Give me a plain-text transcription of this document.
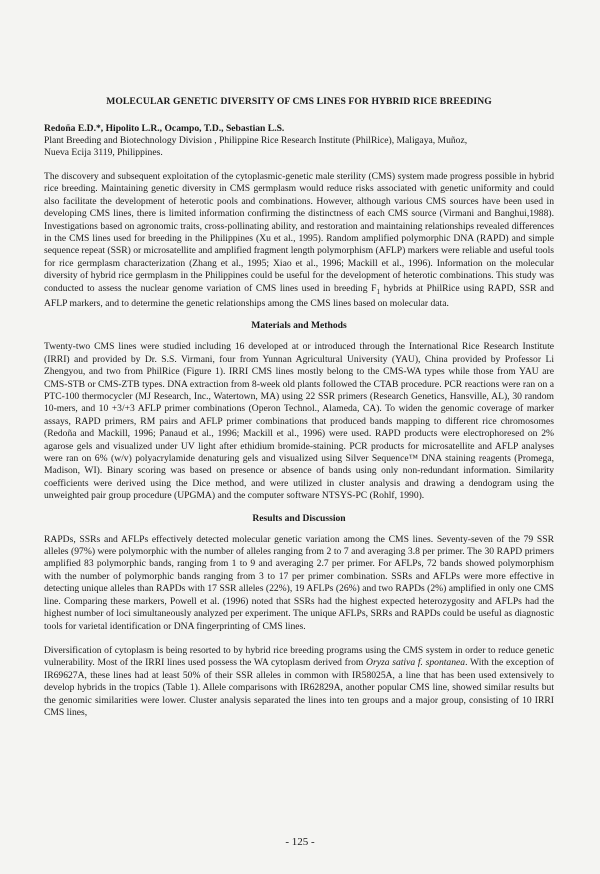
MOLECULAR GENETIC DIVERSITY OF CMS LINES FOR HYBRID RICE BREEDING

Redoña E.D.*, Hipolito L.R., Ocampo, T.D., Sebastian L.S.

Plant Breeding and Biotechnology Division , Philippine Rice Research Institute (PhilRice), Maligaya, Muñoz,

Nueva Ecija 3119, Philippines.

The discovery and subsequent exploitation of the cytoplasmic-genetic male sterility (CMS) system made progress possible in hybrid rice breeding. Maintaining genetic diversity in CMS germplasm would reduce risks associated with genetic uniformity and could also facilitate the development of heterotic pools and combinations. However, although various CMS sources have been used in developing CMS lines, there is limited information confirming the distinctness of each CMS source (Virmani and Banghui,1988). Investigations based on agronomic traits, cross-pollinating ability, and restoration and maintaining relationships revealed differences in the CMS lines used for breeding in the Philippines (Xu et al., 1995). Random amplified polymorphic DNA (RAPD) and simple sequence repeat (SSR) or microsatellite and amplified fragment length polymorphism (AFLP) markers were reliable and useful tools for rice germplasm characterization (Zhang et al., 1995; Xiao et al., 1996; Mackill et al., 1996). Information on the molecular diversity of hybrid rice germplasm in the Philippines could be useful for the development of heterotic combinations. This study was conducted to assess the nuclear genome variation of CMS lines used in breeding $F_1$ hybrids at PhilRice using RAPD, SSR and AFLP markers, and to determine the genetic relationships among the CMS lines based on molecular data.

Materials and Methods

Twenty-two CMS lines were studied including 16 developed at or introduced through the International Rice Research Institute (IRRI) and provided by Dr. S.S. Virmani, four from Yunnan Agricultural University (YAU), China provided by Professor Li Zhengyou, and two from PhilRice (Figure 1). IRRI CMS lines mostly belong to the CMS-WA types while those from YAU are CMS-STB or CMS-ZTB types. DNA extraction from 8-week old plants followed the CTAB procedure. PCR reactions were ran on a PTC-100 thermocycler (MJ Research, Inc., Watertown, MA) using 22 SSR primers (Research Genetics, Hansville, AL), 30 random 10-mers, and 10 +3/+3 AFLP primer combinations (Operon Technol., Alameda, CA). To widen the genomic coverage of marker assays, RAPD primers, RM pairs and AFLP primer combinations that produced bands mapping to different rice chromosomes (Redoña and Mackill, 1996; Panaud et al., 1996; Mackill et al., 1996) were used. RAPD products were electrophoresed on 2% agarose gels and visualized under UV light after ethidium bromide-staining. PCR products for microsatellite and AFLP analyses were ran on 6% (w/v) polyacrylamide denaturing gels and visualized using Silver Sequence™ DNA staining reagents (Promega, Madison, WI). Binary scoring was based on presence or absence of bands using only non-redundant information. Similarity coefficients were derived using the Dice method, and were utilized in cluster analysis and drawing a dendogram using the unweighted pair group procedure (UPGMA) and the computer software NTSYS-PC (Rohlf, 1990).

Results and Discussion

RAPDs, SSRs and AFLPs effectively detected molecular genetic variation among the CMS lines. Seventy-seven of the 79 SSR alleles (97%) were polymorphic with the number of alleles ranging from 2 to 7 and averaging 3.8 per primer. The 30 RAPD primers amplified 83 polymorphic bands, ranging from 1 to 9 and averaging 2.7 per primer. For AFLPs, 72 bands showed polymorphism with the number of polymorphic bands ranging from 3 to 17 per primer combination. SSRs and AFLPs were more effective in detecting unique alleles than RAPDs with 17 SSR alleles (22%), 19 AFLPs (26%) and two RAPDs (2%) amplified in only one CMS line. Comparing these markers, Powell et al. (1996) noted that SSRs had the highest expected heterozygosity and AFLPs had the highest number of loci simultaneously analyzed per experiment. The unique AFLPs, SRRs and RAPDs could be useful as diagnostic tools for varietal identification or DNA fingerprinting of CMS lines.

Diversification of cytoplasm is being resorted to by hybrid rice breeding programs using the CMS system in order to reduce genetic vulnerability. Most of the IRRI lines used possess the WA cytoplasm derived from Oryza sativa f. spontanea. With the exception of IR69627A, these lines had at least 50% of their SSR alleles in common with IR58025A, a line that has been used extensively to develop hybrids in the tropics (Table 1). Allele comparisons with IR62829A, another popular CMS line, showed similar results but the genomic similarities were lower. Cluster analysis separated the lines into ten groups and a major group, consisting of 10 IRRI CMS lines,

- 125 -
